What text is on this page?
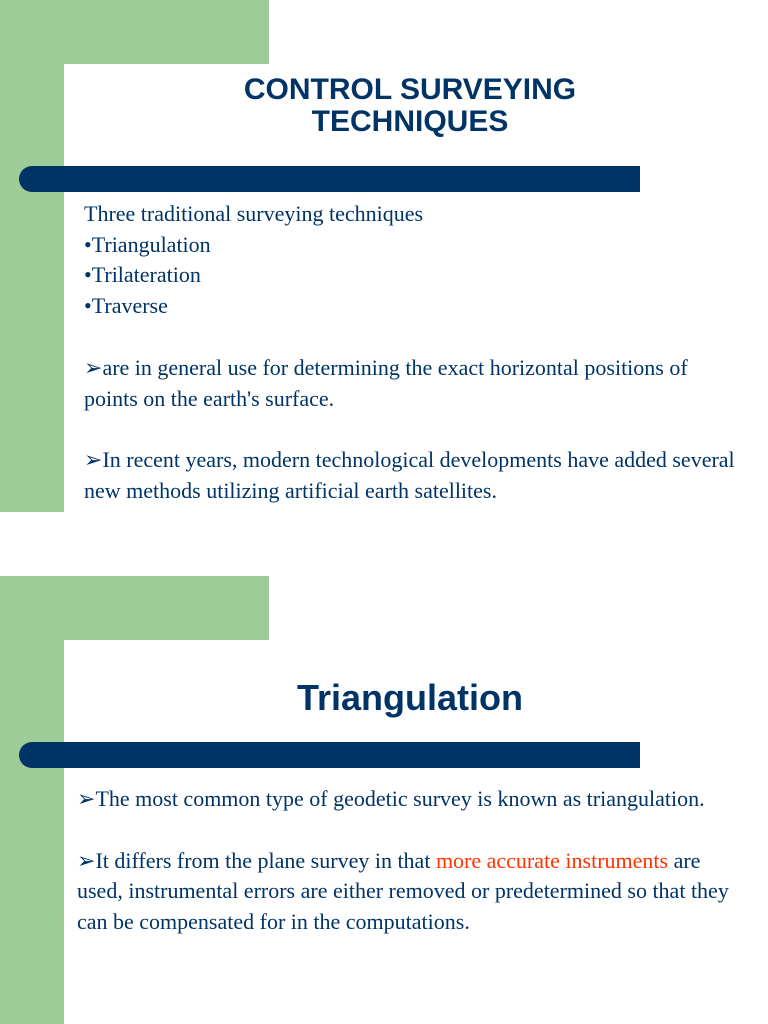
CONTROL SURVEYING
TECHNIQUES
Three traditional surveying techniques
•Triangulation
•Trilateration
•Traverse
➢are in general use for determining the exact horizontal positions of points on the earth's surface.
➢In recent years, modern technological developments have added several new methods utilizing artificial earth satellites.
Triangulation
➢The most common type of geodetic survey is known as triangulation.
➢It differs from the plane survey in that more accurate instruments are used, instrumental errors are either removed or predetermined so that they can be compensated for in the computations.
